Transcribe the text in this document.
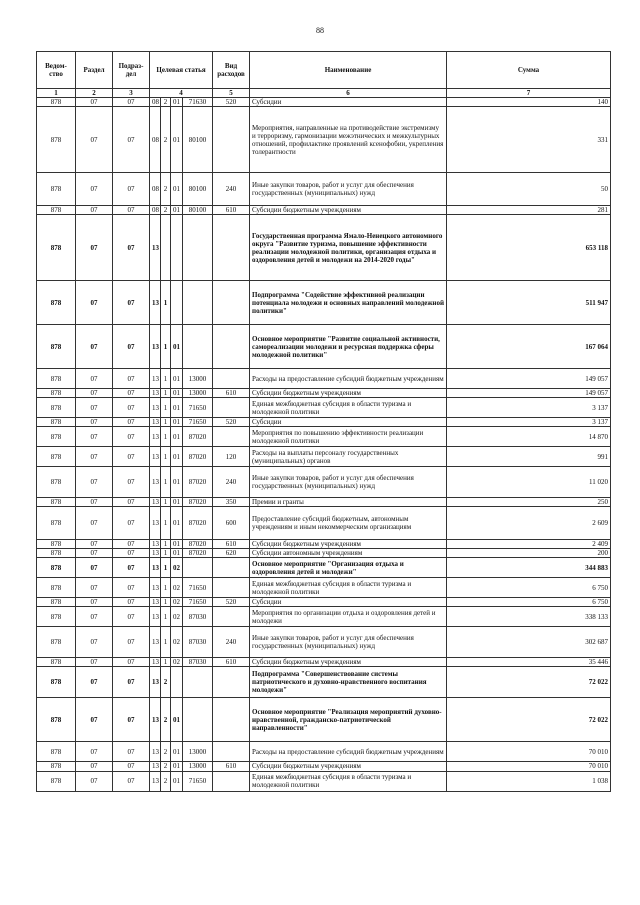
88
Ведом-ство	Раздел	Подраз-дел	Целевая статья				Вид расходов	Наименование	Сумма
1	2	3	4				5	6	7
878	07	07	08	2	01	71630	520	Субсидии	140
878	07	07	08	2	01	80100		Мероприятия, направленные на противодействие экстремизму и терроризму, гармонизации межэтнических и межкультурных отношений, профилактике проявлений ксенофобии, укрепления толерантности	331
878	07	07	08	2	01	80100	240	Иные закупки товаров, работ и услуг для обеспечения государственных (муниципальных) нужд	50
878	07	07	08	2	01	80100	610	Субсидии бюджетным учреждениям	281
878	07	07	13					Государственная программа Ямало-Ненецкого автономного округа "Развитие туризма, повышение эффективности реализации молодежной политики, организация отдыха и оздоровления детей и молодежи на 2014-2020 годы"	653 118
878	07	07	13	1				Подпрограмма "Содействие эффективной реализации потенциала молодежи и основных направлений молодежной политики"	511 947
878	07	07	13	1	01			Основное мероприятие "Развитие социальной активности, самореализации молодежи и ресурсная поддержка сферы молодежной политики"	167 064
878	07	07	13	1	01	13000		Расходы на предоставление субсидий бюджетным учреждениям	149 057
878	07	07	13	1	01	13000	610	Субсидии бюджетным учреждениям	149 057
878	07	07	13	1	01	71650		Единая межбюджетная субсидия в области туризма и молодежной политики	3 137
878	07	07	13	1	01	71650	520	Субсидии	3 137
878	07	07	13	1	01	87020		Мероприятия по повышению эффективности реализации молодежной политики	14 870
878	07	07	13	1	01	87020	120	Расходы на выплаты персоналу государственных (муниципальных) органов	991
878	07	07	13	1	01	87020	240	Иные закупки товаров, работ и услуг для обеспечения государственных (муниципальных) нужд	11 020
878	07	07	13	1	01	87020	350	Премии и гранты	250
878	07	07	13	1	01	87020	600	Предоставление субсидий бюджетным, автономным учреждениям и иным некоммерческим организациям	2 609
878	07	07	13	1	01	87020	610	Субсидии бюджетным учреждениям	2 409
878	07	07	13	1	01	87020	620	Субсидии автономным учреждениям	200
878	07	07	13	1	02			Основное мероприятие "Организация отдыха и оздоровления детей и молодежи"	344 883
878	07	07	13	1	02	71650		Единая межбюджетная субсидия в области туризма и молодежной политики	6 750
878	07	07	13	1	02	71650	520	Субсидии	6 750
878	07	07	13	1	02	87030		Мероприятия по организации отдыха и оздоровления детей и молодежи	338 133
878	07	07	13	1	02	87030	240	Иные закупки товаров, работ и услуг для обеспечения государственных (муниципальных) нужд	302 687
878	07	07	13	1	02	87030	610	Субсидии бюджетным учреждениям	35 446
878	07	07	13	2				Подпрограмма "Совершенствование системы патриотического и духовно-нравственного воспитания молодежи"	72 022
878	07	07	13	2	01			Основное мероприятие "Реализация мероприятий духовно-нравственной, гражданско-патриотической направленности"	72 022
878	07	07	13	2	01	13000		Расходы на предоставление субсидий бюджетным учреждениям	70 010
878	07	07	13	2	01	13000	610	Субсидии бюджетным учреждениям	70 010
878	07	07	13	2	01	71650		Единая межбюджетная субсидия в области туризма и молодежной политики	1 038
